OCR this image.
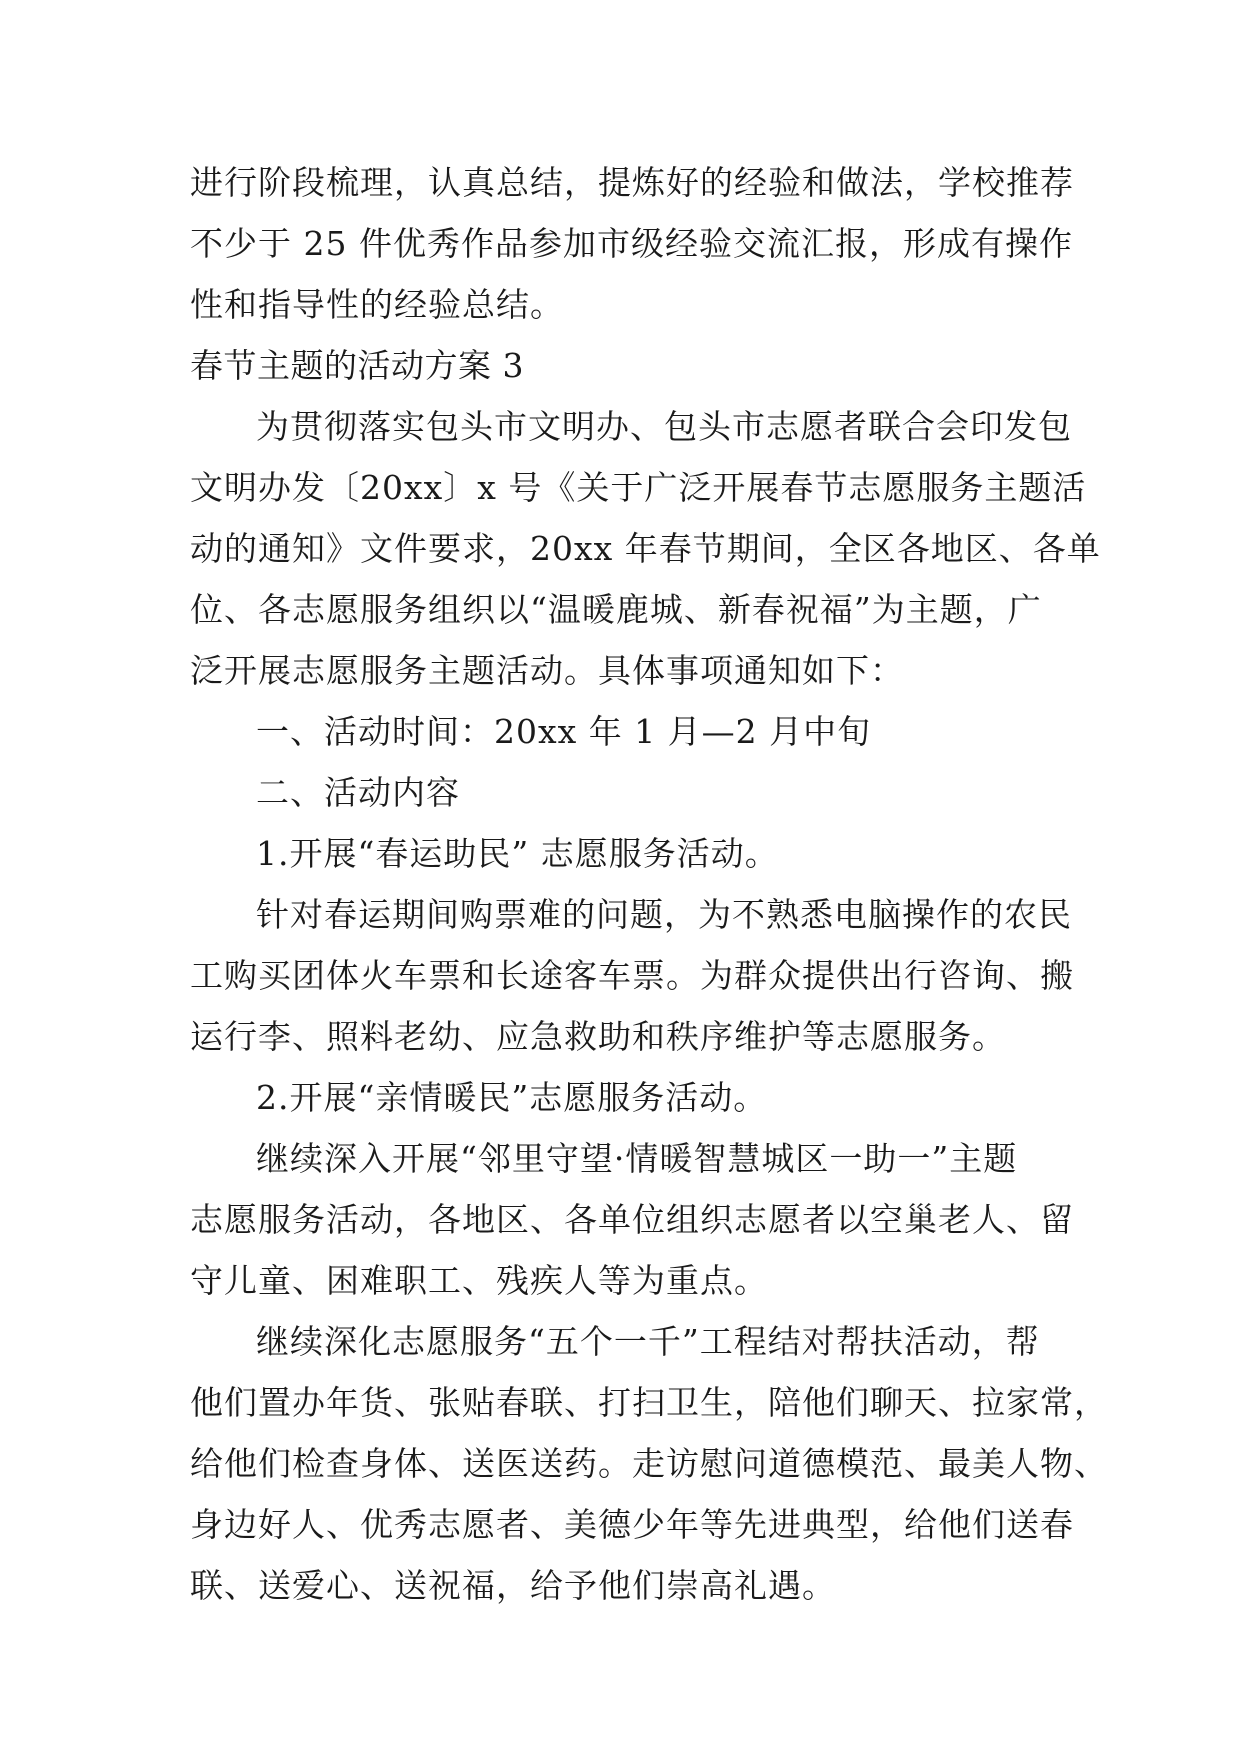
进行阶段梳理，认真总结，提炼好的经验和做法，学校推荐
不少于 25 件优秀作品参加市级经验交流汇报，形成有操作
性和指导性的经验总结。
春节主题的活动方案 3
为贯彻落实包头市文明办、包头市志愿者联合会印发包
文明办发〔20xx〕x 号《关于广泛开展春节志愿服务主题活
动的通知》文件要求，20xx 年春节期间，全区各地区、各单
位、各志愿服务组织以“温暖鹿城、新春祝福”为主题，广
泛开展志愿服务主题活动。具体事项通知如下：
一、活动时间：20xx 年 1 月—2 月中旬
二、活动内容
1.开展“春运助民” 志愿服务活动。
针对春运期间购票难的问题，为不熟悉电脑操作的农民
工购买团体火车票和长途客车票。为群众提供出行咨询、搬
运行李、照料老幼、应急救助和秩序维护等志愿服务。
2.开展“亲情暖民”志愿服务活动。
继续深入开展“邻里守望·情暖智慧城区一助一”主题
志愿服务活动，各地区、各单位组织志愿者以空巢老人、留
守儿童、困难职工、残疾人等为重点。
继续深化志愿服务“五个一千”工程结对帮扶活动，帮
他们置办年货、张贴春联、打扫卫生，陪他们聊天、拉家常，
给他们检查身体、送医送药。走访慰问道德模范、最美人物、
身边好人、优秀志愿者、美德少年等先进典型，给他们送春
联、送爱心、送祝福，给予他们崇高礼遇。
